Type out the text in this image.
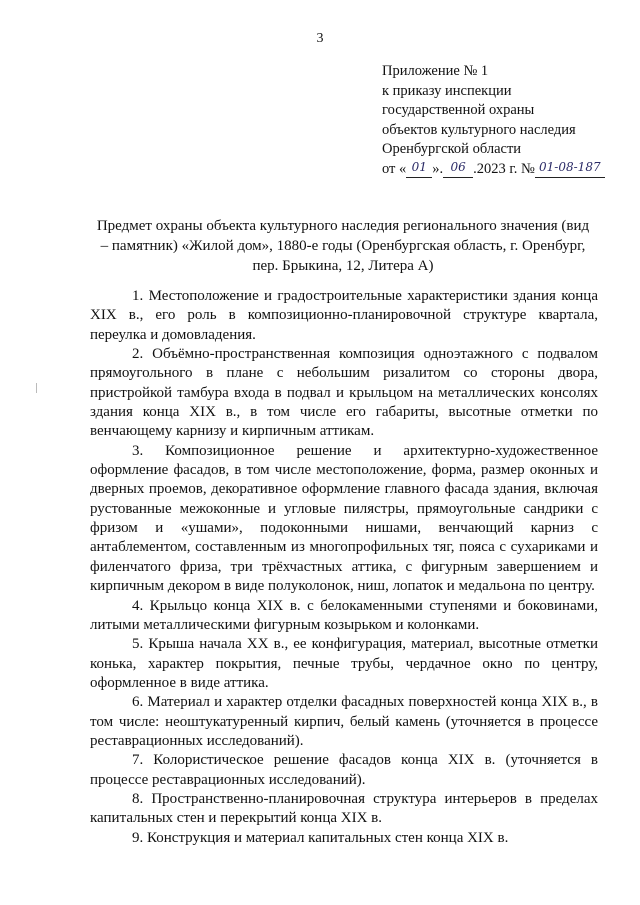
3
Приложение № 1
к приказу инспекции
государственной охраны
объектов культурного наследия
Оренбургской области
от « 01 ». 06 .2023 г. № 01-08-187
Предмет охраны объекта культурного наследия регионального значения (вид
– памятник) «Жилой дом», 1880-е годы (Оренбургская область, г. Оренбург,
пер. Брыкина, 12, Литера А)

1. Местоположение и градостроительные характеристики здания конца XIX в., его роль в композиционно-планировочной структуре квартала, переулка и домовладения.

2. Объёмно-пространственная композиция одноэтажного с подвалом прямоугольного в плане с небольшим ризалитом со стороны двора, пристройкой тамбура входа в подвал и крыльцом на металлических консолях здания конца XIX в., в том числе его габариты, высотные отметки по венчающему карнизу и кирпичным аттикам.

3. Композиционное решение и архитектурно-художественное оформление фасадов, в том числе местоположение, форма, размер оконных и дверных проемов, декоративное оформление главного фасада здания, включая рустованные межоконные и угловые пилястры, прямоугольные сандрики с фризом и «ушами», подоконными нишами, венчающий карниз с антаблементом, составленным из многопрофильных тяг, пояса с сухариками и филенчатого фриза, три трёхчастных аттика, с фигурным завершением и кирпичным декором в виде полуколонок, ниш, лопаток и медальона по центру.

4. Крыльцо конца XIX в. с белокаменными ступенями и боковинами, литыми металлическими фигурным козырьком и колонками.

5. Крыша начала XX в., ее конфигурация, материал, высотные отметки конька, характер покрытия, печные трубы, чердачное окно по центру, оформленное в виде аттика.

6. Материал и характер отделки фасадных поверхностей конца XIX в., в том числе: неоштукатуренный кирпич, белый камень (уточняется в процессе реставрационных исследований).

7. Колористическое решение фасадов конца XIX в. (уточняется в процессе реставрационных исследований).

8. Пространственно-планировочная структура интерьеров в пределах капитальных стен и перекрытий конца XIX в.

9. Конструкция и материал капитальных стен конца XIX в.
